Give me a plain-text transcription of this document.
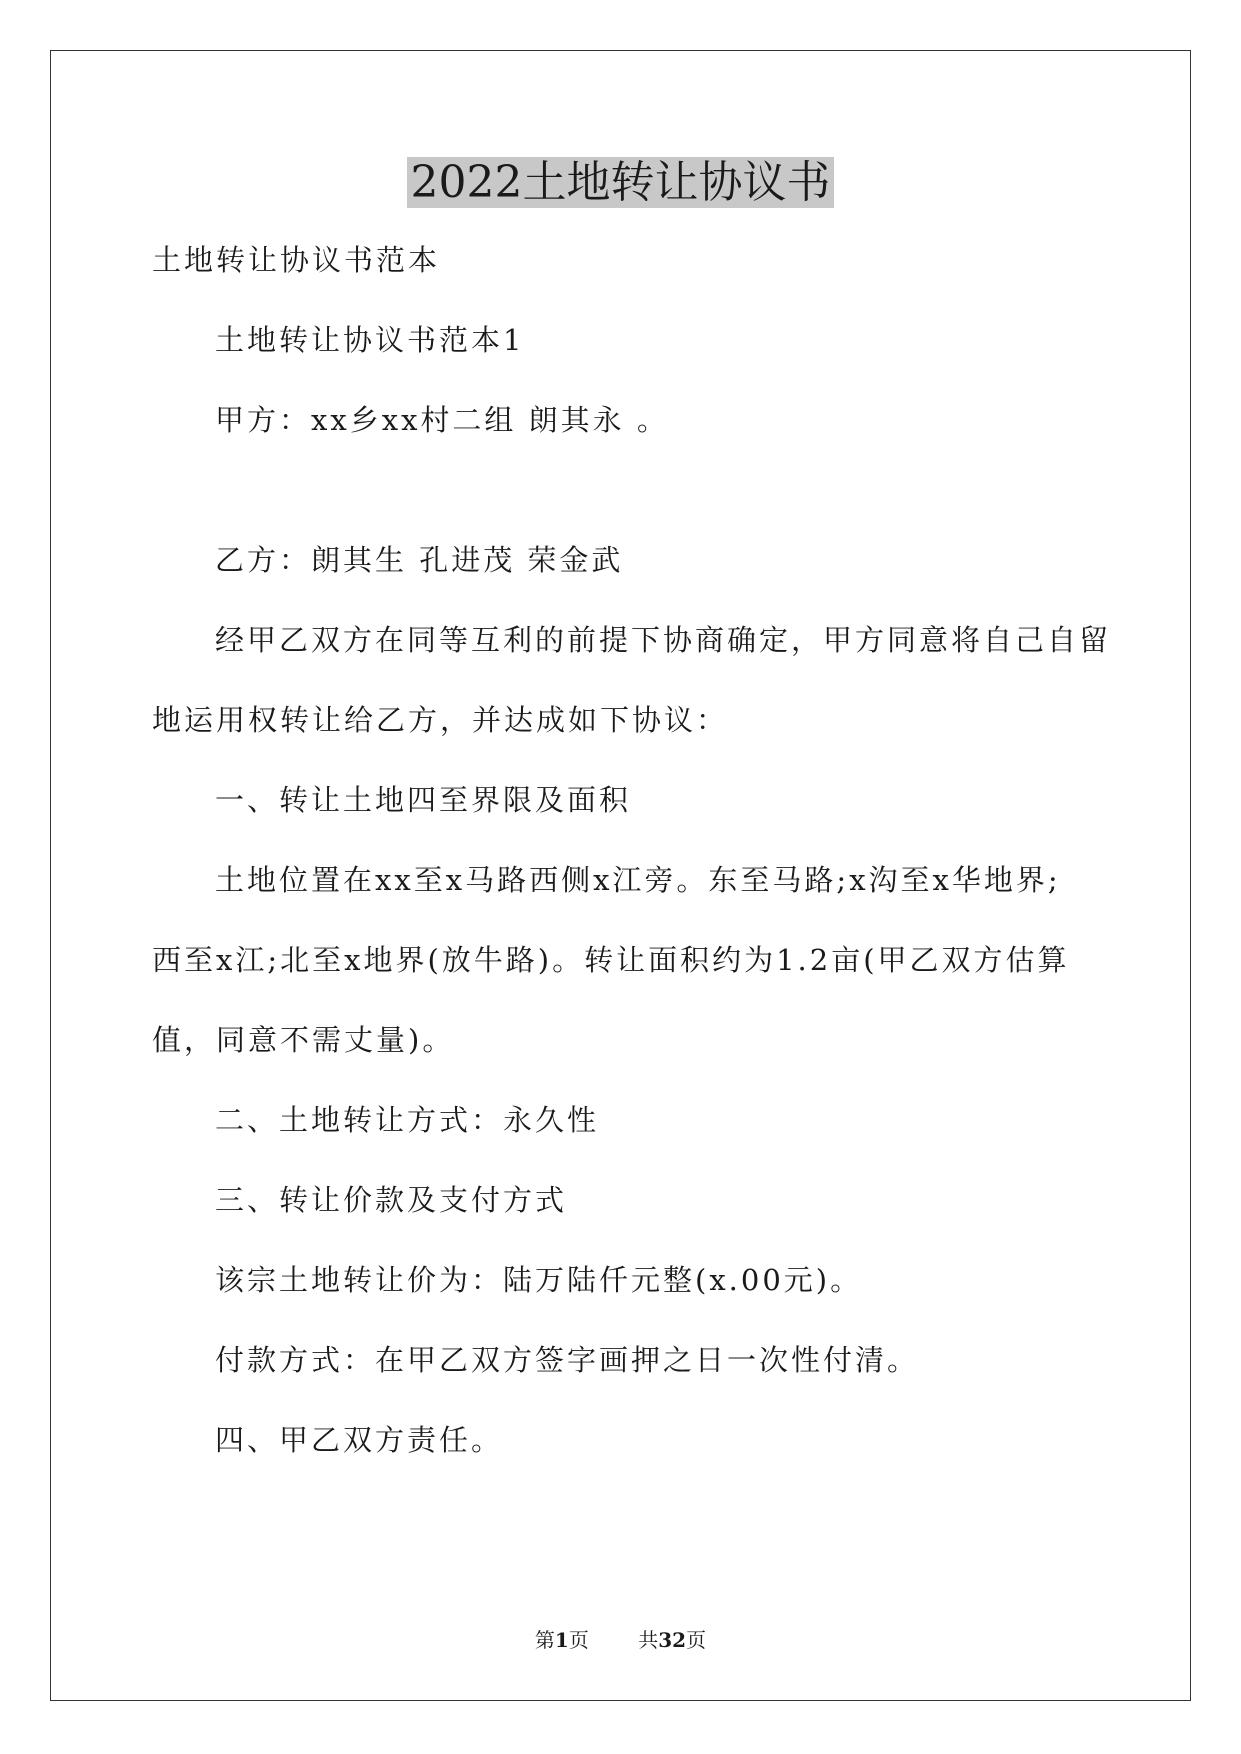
2022土地转让协议书

土地转让协议书范本

土地转让协议书范本1

甲方：xx乡xx村二组 朗其永 。

乙方：朗其生 孔进茂 荣金武

经甲乙双方在同等互利的前提下协商确定，甲方同意将自己自留

地运用权转让给乙方，并达成如下协议：

一、转让土地四至界限及面积

土地位置在xx至x马路西侧x江旁。东至马路;x沟至x华地界;

西至x江;北至x地界(放牛路)。转让面积约为1.2亩(甲乙双方估算

值，同意不需丈量)。

二、土地转让方式：永久性

三、转让价款及支付方式

该宗土地转让价为：陆万陆仟元整(x.00元)。

付款方式：在甲乙双方签字画押之日一次性付清。

四、甲乙双方责任。

第1页 共32页
